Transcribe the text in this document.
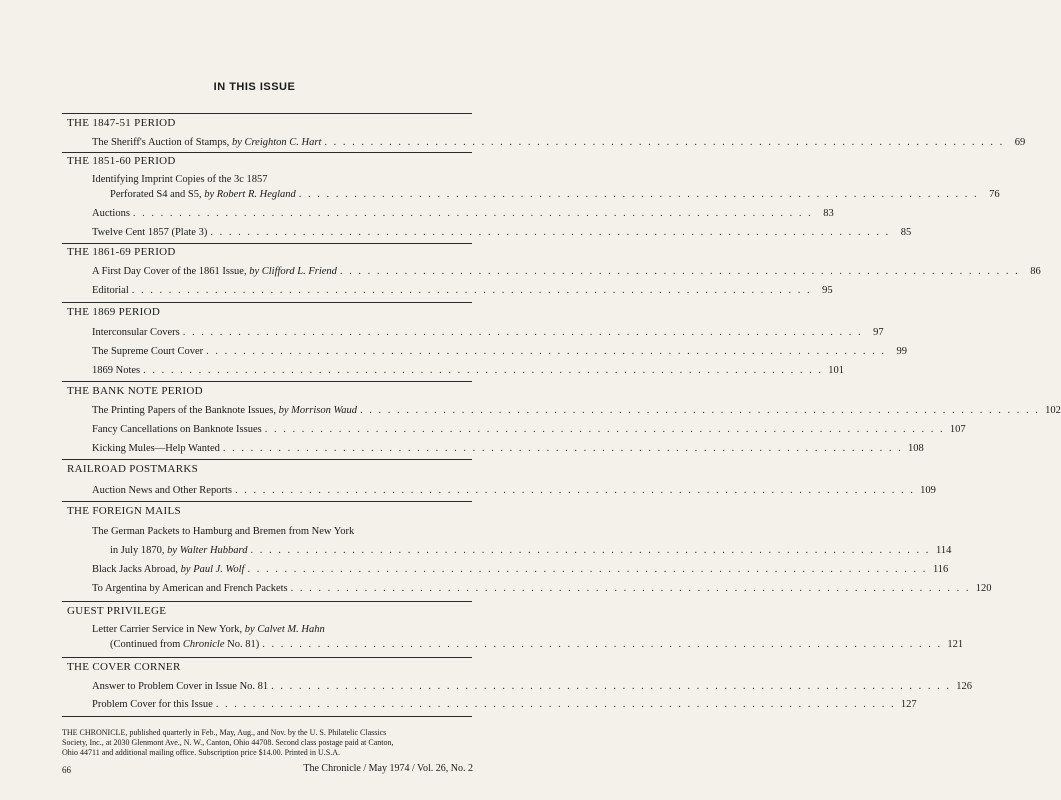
IN THIS ISSUE
THE 1847-51 PERIOD
The Sheriff's Auction of Stamps, by Creighton C. Hart . . . . . . . . . . . . . . . . . . . . . . . . . . . . . . . . . . . . . . . . . . . . . . . . . . . . . . . . . . . . . . . . . . . . . . . . . .	69
THE 1851-60 PERIOD
Identifying Imprint Copies of the 3c 1857
Perforated S4 and S5, by Robert R. Hegland . . . . . . . . . . . . . . . . . . . . . . . . . . . . . . . . . . . . . . . . . . . . . . . . . . . . . . . . . . . . . . . . . . . . . . . . . .	76
Auctions . . . . . . . . . . . . . . . . . . . . . . . . . . . . . . . . . . . . . . . . . . . . . . . . . . . . . . . . . . . . . . . . . . . . . . . . . .	83
Twelve Cent 1857 (Plate 3) . . . . . . . . . . . . . . . . . . . . . . . . . . . . . . . . . . . . . . . . . . . . . . . . . . . . . . . . . . . . . . . . . . . . . . . . . .	85
THE 1861-69 PERIOD
A First Day Cover of the 1861 Issue, by Clifford L. Friend . . . . . . . . . . . . . . . . . . . . . . . . . . . . . . . . . . . . . . . . . . . . . . . . . . . . . . . . . . . . . . . . . . . . . . . . . .	86
Editorial . . . . . . . . . . . . . . . . . . . . . . . . . . . . . . . . . . . . . . . . . . . . . . . . . . . . . . . . . . . . . . . . . . . . . . . . . .	95
THE 1869 PERIOD
Interconsular Covers . . . . . . . . . . . . . . . . . . . . . . . . . . . . . . . . . . . . . . . . . . . . . . . . . . . . . . . . . . . . . . . . . . . . . . . . . .	97
The Supreme Court Cover . . . . . . . . . . . . . . . . . . . . . . . . . . . . . . . . . . . . . . . . . . . . . . . . . . . . . . . . . . . . . . . . . . . . . . . . . .	99
1869 Notes . . . . . . . . . . . . . . . . . . . . . . . . . . . . . . . . . . . . . . . . . . . . . . . . . . . . . . . . . . . . . . . . . . . . . . . . . . 101
THE BANK NOTE PERIOD
The Printing Papers of the Banknote Issues, by Morrison Waud . . . . . . . . . . . . . . . . . . . . . . . . . . . . . . . . . . . . . . . . . . . . . . . . . . . . . . . . . . . . . . . . . . . . . . . . . . 102
Fancy Cancellations on Banknote Issues . . . . . . . . . . . . . . . . . . . . . . . . . . . . . . . . . . . . . . . . . . . . . . . . . . . . . . . . . . . . . . . . . . . . . . . . . . 107
Kicking Mules—Help Wanted . . . . . . . . . . . . . . . . . . . . . . . . . . . . . . . . . . . . . . . . . . . . . . . . . . . . . . . . . . . . . . . . . . . . . . . . . . 108
RAILROAD POSTMARKS
Auction News and Other Reports . . . . . . . . . . . . . . . . . . . . . . . . . . . . . . . . . . . . . . . . . . . . . . . . . . . . . . . . . . . . . . . . . . . . . . . . . . 109
THE FOREIGN MAILS
The German Packets to Hamburg and Bremen from New York
in July 1870, by Walter Hubbard . . . . . . . . . . . . . . . . . . . . . . . . . . . . . . . . . . . . . . . . . . . . . . . . . . . . . . . . . . . . . . . . . . . . . . . . . . 114
Black Jacks Abroad, by Paul J. Wolf . . . . . . . . . . . . . . . . . . . . . . . . . . . . . . . . . . . . . . . . . . . . . . . . . . . . . . . . . . . . . . . . . . . . . . . . . . 116
To Argentina by American and French Packets . . . . . . . . . . . . . . . . . . . . . . . . . . . . . . . . . . . . . . . . . . . . . . . . . . . . . . . . . . . . . . . . . . . . . . . . . . 120
GUEST PRIVILEGE
Letter Carrier Service in New York, by Calvet M. Hahn
(Continued from Chronicle No. 81) . . . . . . . . . . . . . . . . . . . . . . . . . . . . . . . . . . . . . . . . . . . . . . . . . . . . . . . . . . . . . . . . . . . . . . . . . . 121
THE COVER CORNER
Answer to Problem Cover in Issue No. 81 . . . . . . . . . . . . . . . . . . . . . . . . . . . . . . . . . . . . . . . . . . . . . . . . . . . . . . . . . . . . . . . . . . . . . . . . . . 126
Problem Cover for this Issue . . . . . . . . . . . . . . . . . . . . . . . . . . . . . . . . . . . . . . . . . . . . . . . . . . . . . . . . . . . . . . . . . . . . . . . . . . 127
THE CHRONICLE, published quarterly in Feb., May, Aug., and Nov. by the U. S. Philatelic Classics
Society, Inc., at 2030 Glenmont Ave., N. W., Canton, Ohio 44708. Second class postage paid at Canton,
Ohio 44711 and additional mailing office. Subscription price $14.00. Printed in U.S.A.
66	The Chronicle / May 1974 / Vol. 26, No. 2
